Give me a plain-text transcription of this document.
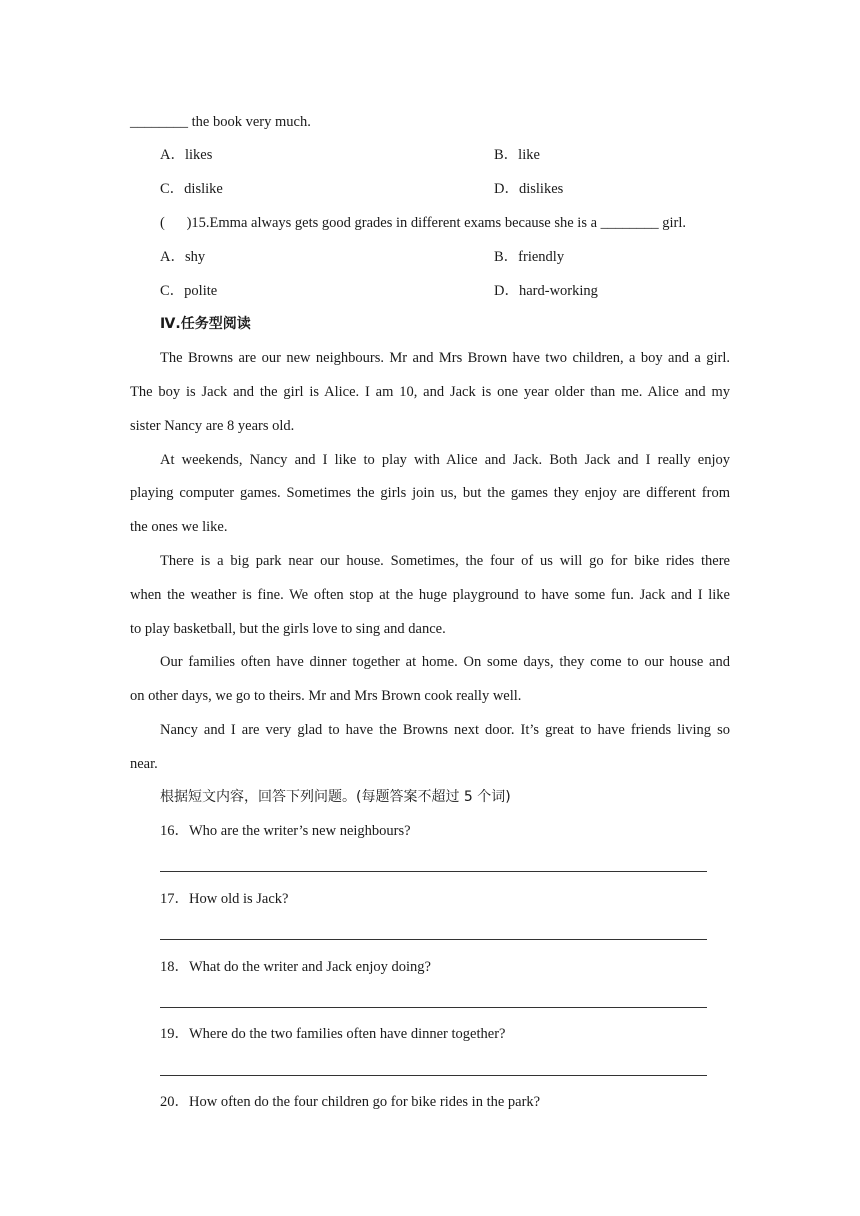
________ the book very much.
A．likes	B．like
C．dislike	D．dislikes
(      )15.Emma always gets good grades in different exams because she is a ________ girl.
A．shy	B．friendly
C．polite	D．hard-working
Ⅳ.任务型阅读
The Browns are our new neighbours. Mr and Mrs Brown have two children, a boy and a girl.
The boy is Jack and the girl is Alice. I am 10, and Jack is one year older than me. Alice and my
sister Nancy are 8 years old.
At weekends, Nancy and I like to play with Alice and Jack. Both Jack and I really enjoy
playing computer games. Sometimes the girls join us, but the games they enjoy are different from
the ones we like.
There is a big park near our house. Sometimes, the four of us will go for bike rides there
when the weather is fine. We often stop at the huge playground to have some fun. Jack and I like
to play basketball, but the girls love to sing and dance.
Our families often have dinner together at home. On some days, they come to our house and
on other days, we go to theirs. Mr and Mrs Brown cook really well.
Nancy and I are very glad to have the Browns next door. It’s great to have friends living so
near.
根据短文内容，回答下列问题。(每题答案不超过 5 个词)
16．Who are the writer’s new neighbours?
17．How old is Jack?
18．What do the writer and Jack enjoy doing?
19．Where do the two families often have dinner together?
20．How often do the four children go for bike rides in the park?
